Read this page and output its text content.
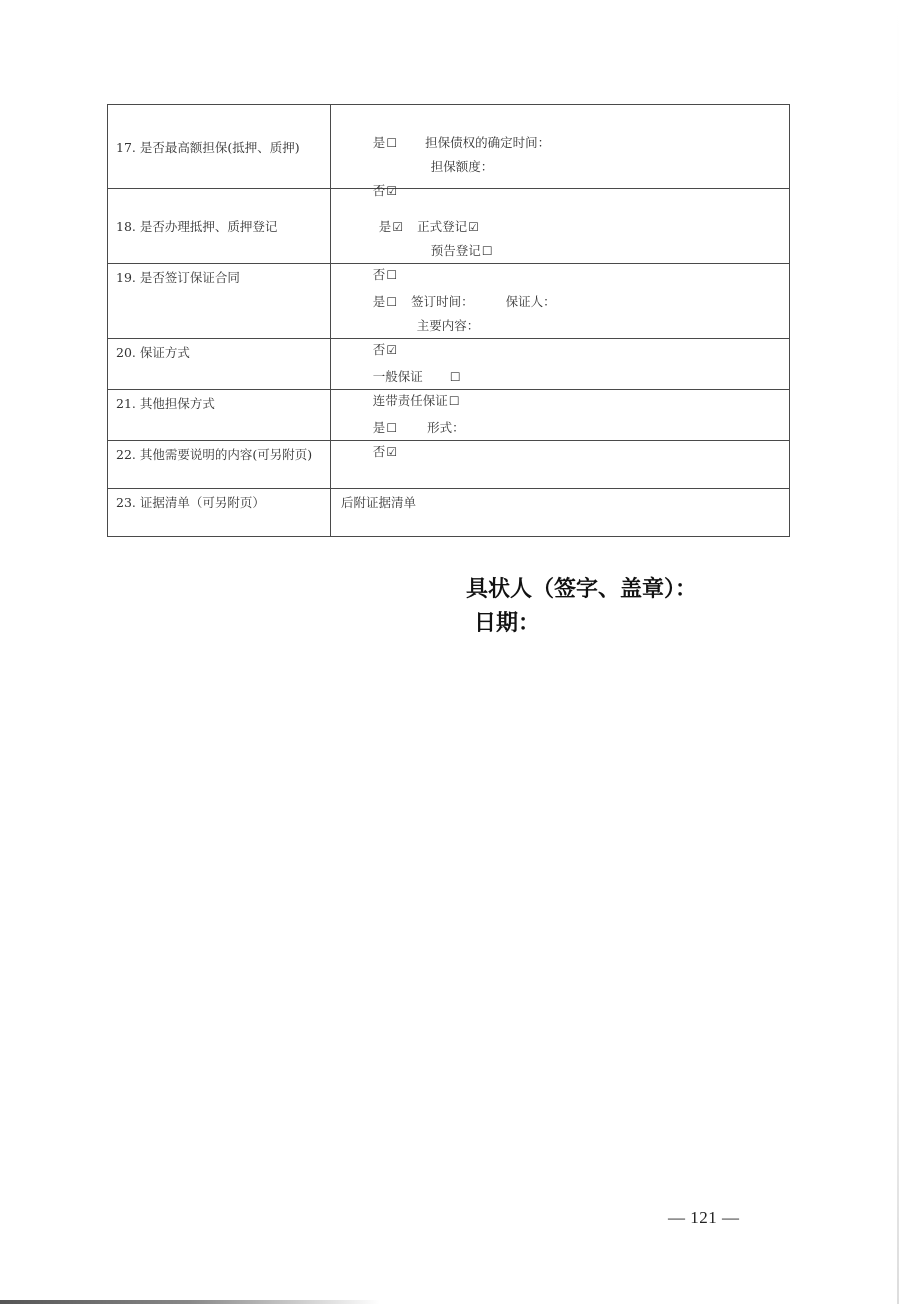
17. 是否最高额担保(抵押、质押)	是☐ 担保债权的确定时间：

担保额度：

否☑

18. 是否办理抵押、质押登记	是☑ 正式登记☑

预告登记☐

否☐

19. 是否签订保证合同	是☐ 签订时间： 保证人：

主要内容：

否☑

20. 保证方式	一般保证 ☐

连带责任保证☐

21. 其他担保方式	是☐ 形式：

否☑

22. 其他需要说明的内容(可另附页)	
23. 证据清单（可另附页）	后附证据清单
具状人（签字、盖章）：
日期：
— 121 —
